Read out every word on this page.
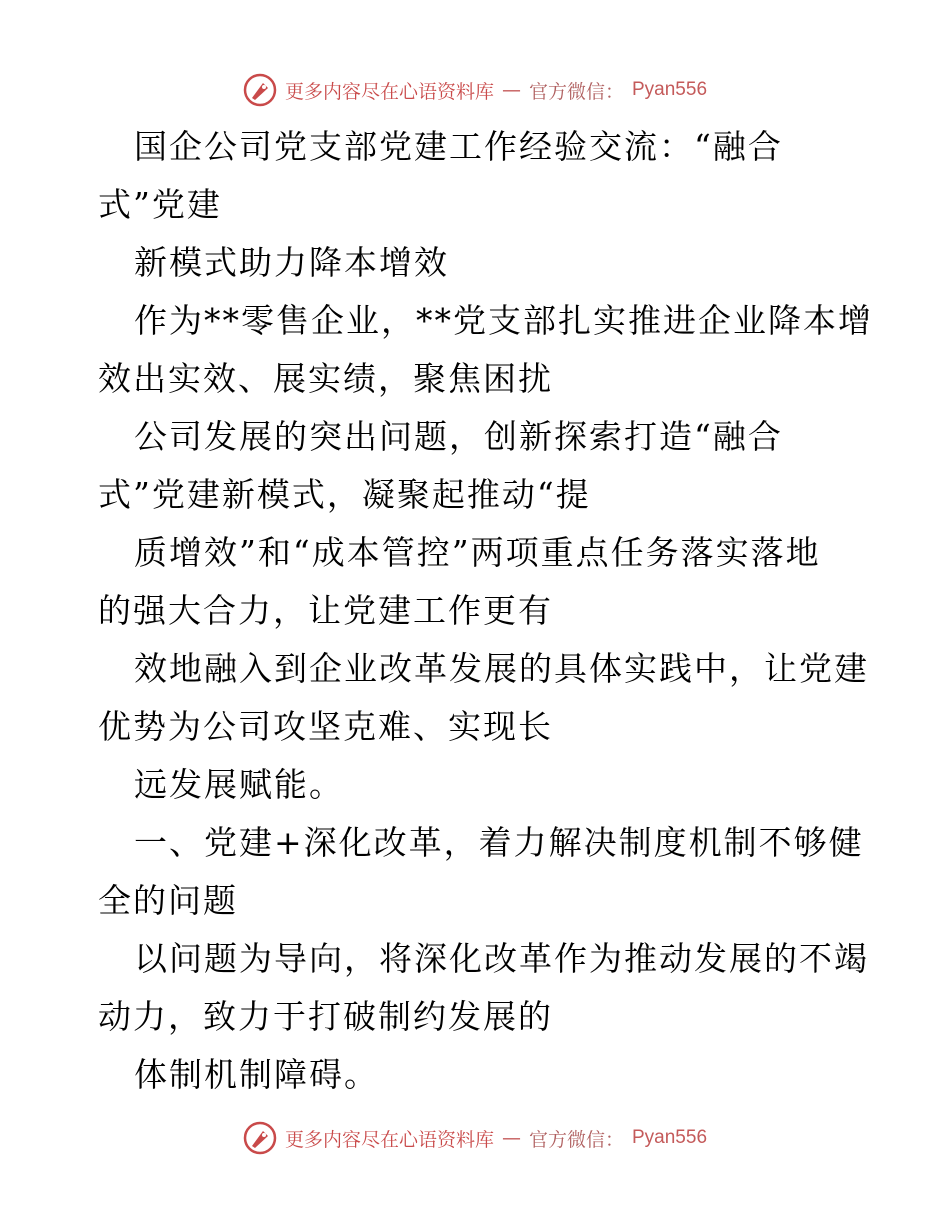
更多内容尽在心语资料库 — 官方微信： Pyan556
国企公司党支部党建工作经验交流：“融合
式”党建
新模式助力降本增效
作为**零售企业，**党支部扎实推进企业降本增
效出实效、展实绩，聚焦困扰
公司发展的突出问题，创新探索打造“融合
式”党建新模式，凝聚起推动“提
质增效”和“成本管控”两项重点任务落实落地
的强大合力，让党建工作更有
效地融入到企业改革发展的具体实践中，让党建
优势为公司攻坚克难、实现长
远发展赋能。
一、党建+深化改革，着力解决制度机制不够健
全的问题
以问题为导向，将深化改革作为推动发展的不竭
动力，致力于打破制约发展的
体制机制障碍。
更多内容尽在心语资料库 — 官方微信： Pyan556
